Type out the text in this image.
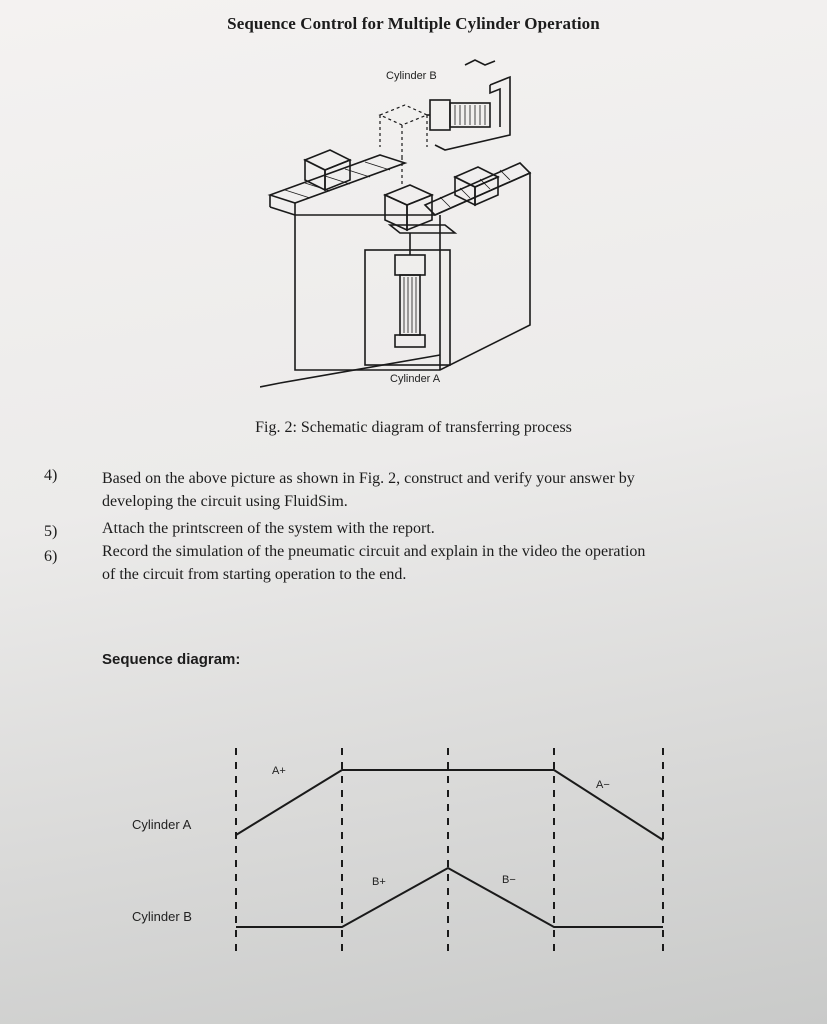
Sequence Control for Multiple Cylinder Operation
Cylinder B
Cylinder A
Fig. 2: Schematic diagram of transferring process
4)	Based on the above picture as shown in Fig. 2, construct and verify your answer by
developing the circuit using FluidSim.
5)	Attach the printscreen of the system with the report.
6)	Record the simulation of the pneumatic circuit and explain in the video the operation
of the circuit from starting operation to the end.
Sequence diagram:
Cylinder A
Cylinder B
A+
B+	B−
A−
